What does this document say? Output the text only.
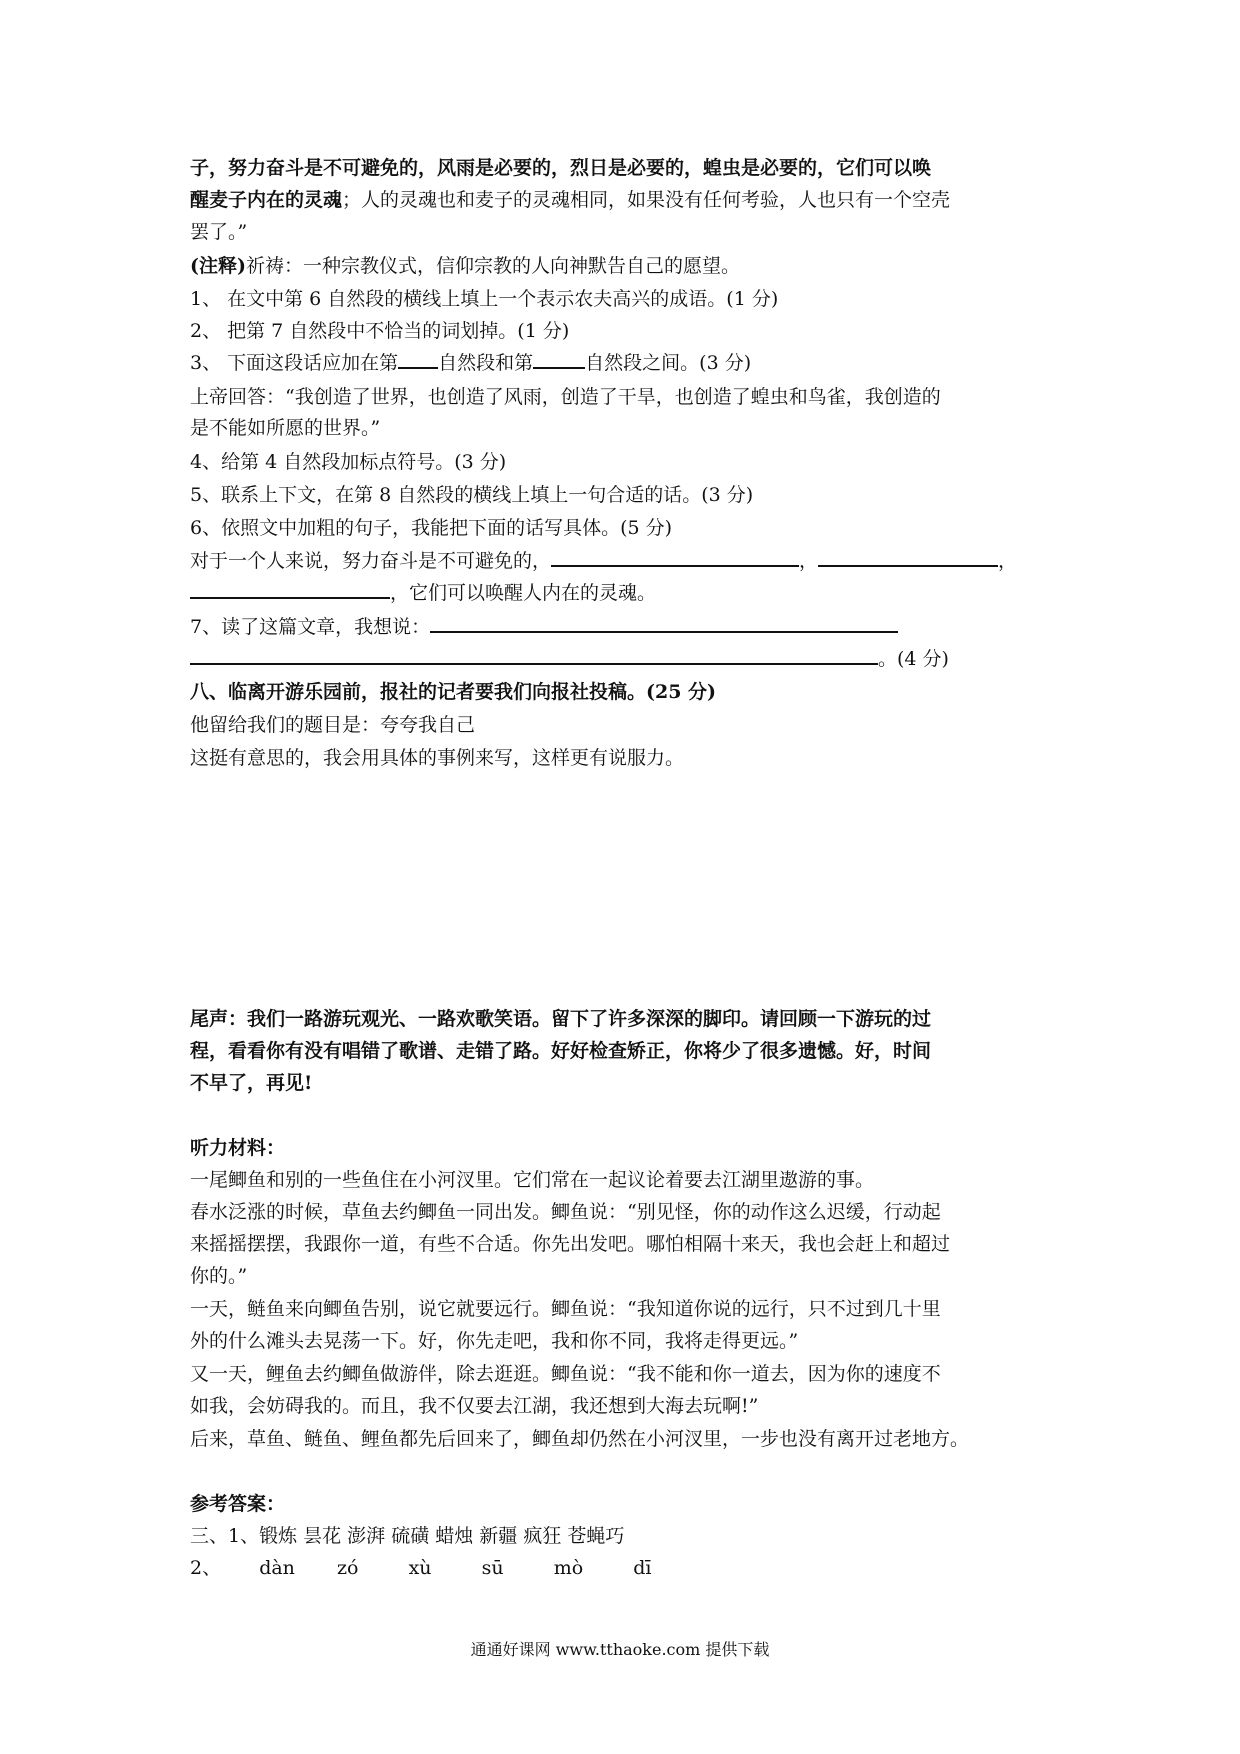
子，努力奋斗是不可避免的，风雨是必要的，烈日是必要的，蝗虫是必要的，它们可以唤
醒麦子内在的灵魂；人的灵魂也和麦子的灵魂相同，如果没有任何考验，人也只有一个空壳
罢了。”
(注释)祈祷：一种宗教仪式，信仰宗教的人向神默告自己的愿望。
1、 在文中第 6 自然段的横线上填上一个表示农夫高兴的成语。(1 分)
2、 把第 7 自然段中不恰当的词划掉。(1 分)
3、 下面这段话应加在第 自然段和第	自然段之间。(3 分)
上帝回答：“我创造了世界，也创造了风雨，创造了干旱，也创造了蝗虫和鸟雀，我创造的
是不能如所愿的世界。”
4、给第 4 自然段加标点符号。(3 分)
5、联系上下文，在第 8 自然段的横线上填上一句合适的话。(3 分)
6、依照文中加粗的句子，我能把下面的话写具体。(5 分)
对于一个人来说，努力奋斗是不可避免的，	，	，
，它们可以唤醒人内在的灵魂。
7、读了这篇文章，我想说：
。(4 分)
八、临离开游乐园前，报社的记者要我们向报社投稿。(25 分)
他留给我们的题目是：夸夸我自己
这挺有意思的，我会用具体的事例来写，这样更有说服力。
尾声：我们一路游玩观光、一路欢歌笑语。留下了许多深深的脚印。请回顾一下游玩的过
程，看看你有没有唱错了歌谱、走错了路。好好检查矫正，你将少了很多遗憾。好，时间
不早了，再见!
听力材料：
一尾鲫鱼和别的一些鱼住在小河汊里。它们常在一起议论着要去江湖里遨游的事。
春水泛涨的时候，草鱼去约鲫鱼一同出发。鲫鱼说：“别见怪，你的动作这么迟缓，行动起
来摇摇摆摆，我跟你一道，有些不合适。你先出发吧。哪怕相隔十来天，我也会赶上和超过
你的。”
一天，鲢鱼来向鲫鱼告别，说它就要远行。鲫鱼说：“我知道你说的远行，只不过到几十里
外的什么滩头去晃荡一下。好，你先走吧，我和你不同，我将走得更远。”
又一天，鲤鱼去约鲫鱼做游伴，除去逛逛。鲫鱼说：“我不能和你一道去，因为你的速度不
如我，会妨碍我的。而且，我不仅要去江湖，我还想到大海去玩啊!”
后来，草鱼、鲢鱼、鲤鱼都先后回来了，鲫鱼却仍然在小河汊里，一步也没有离开过老地方。
参考答案：
三、1、锻炼 昙花 澎湃 硫磺 蜡烛 新疆 疯狂 苍蝇巧
2、 dàn zó	xù	sū	mò	dī
通通好课网 www.tthaoke.com 提供下载
